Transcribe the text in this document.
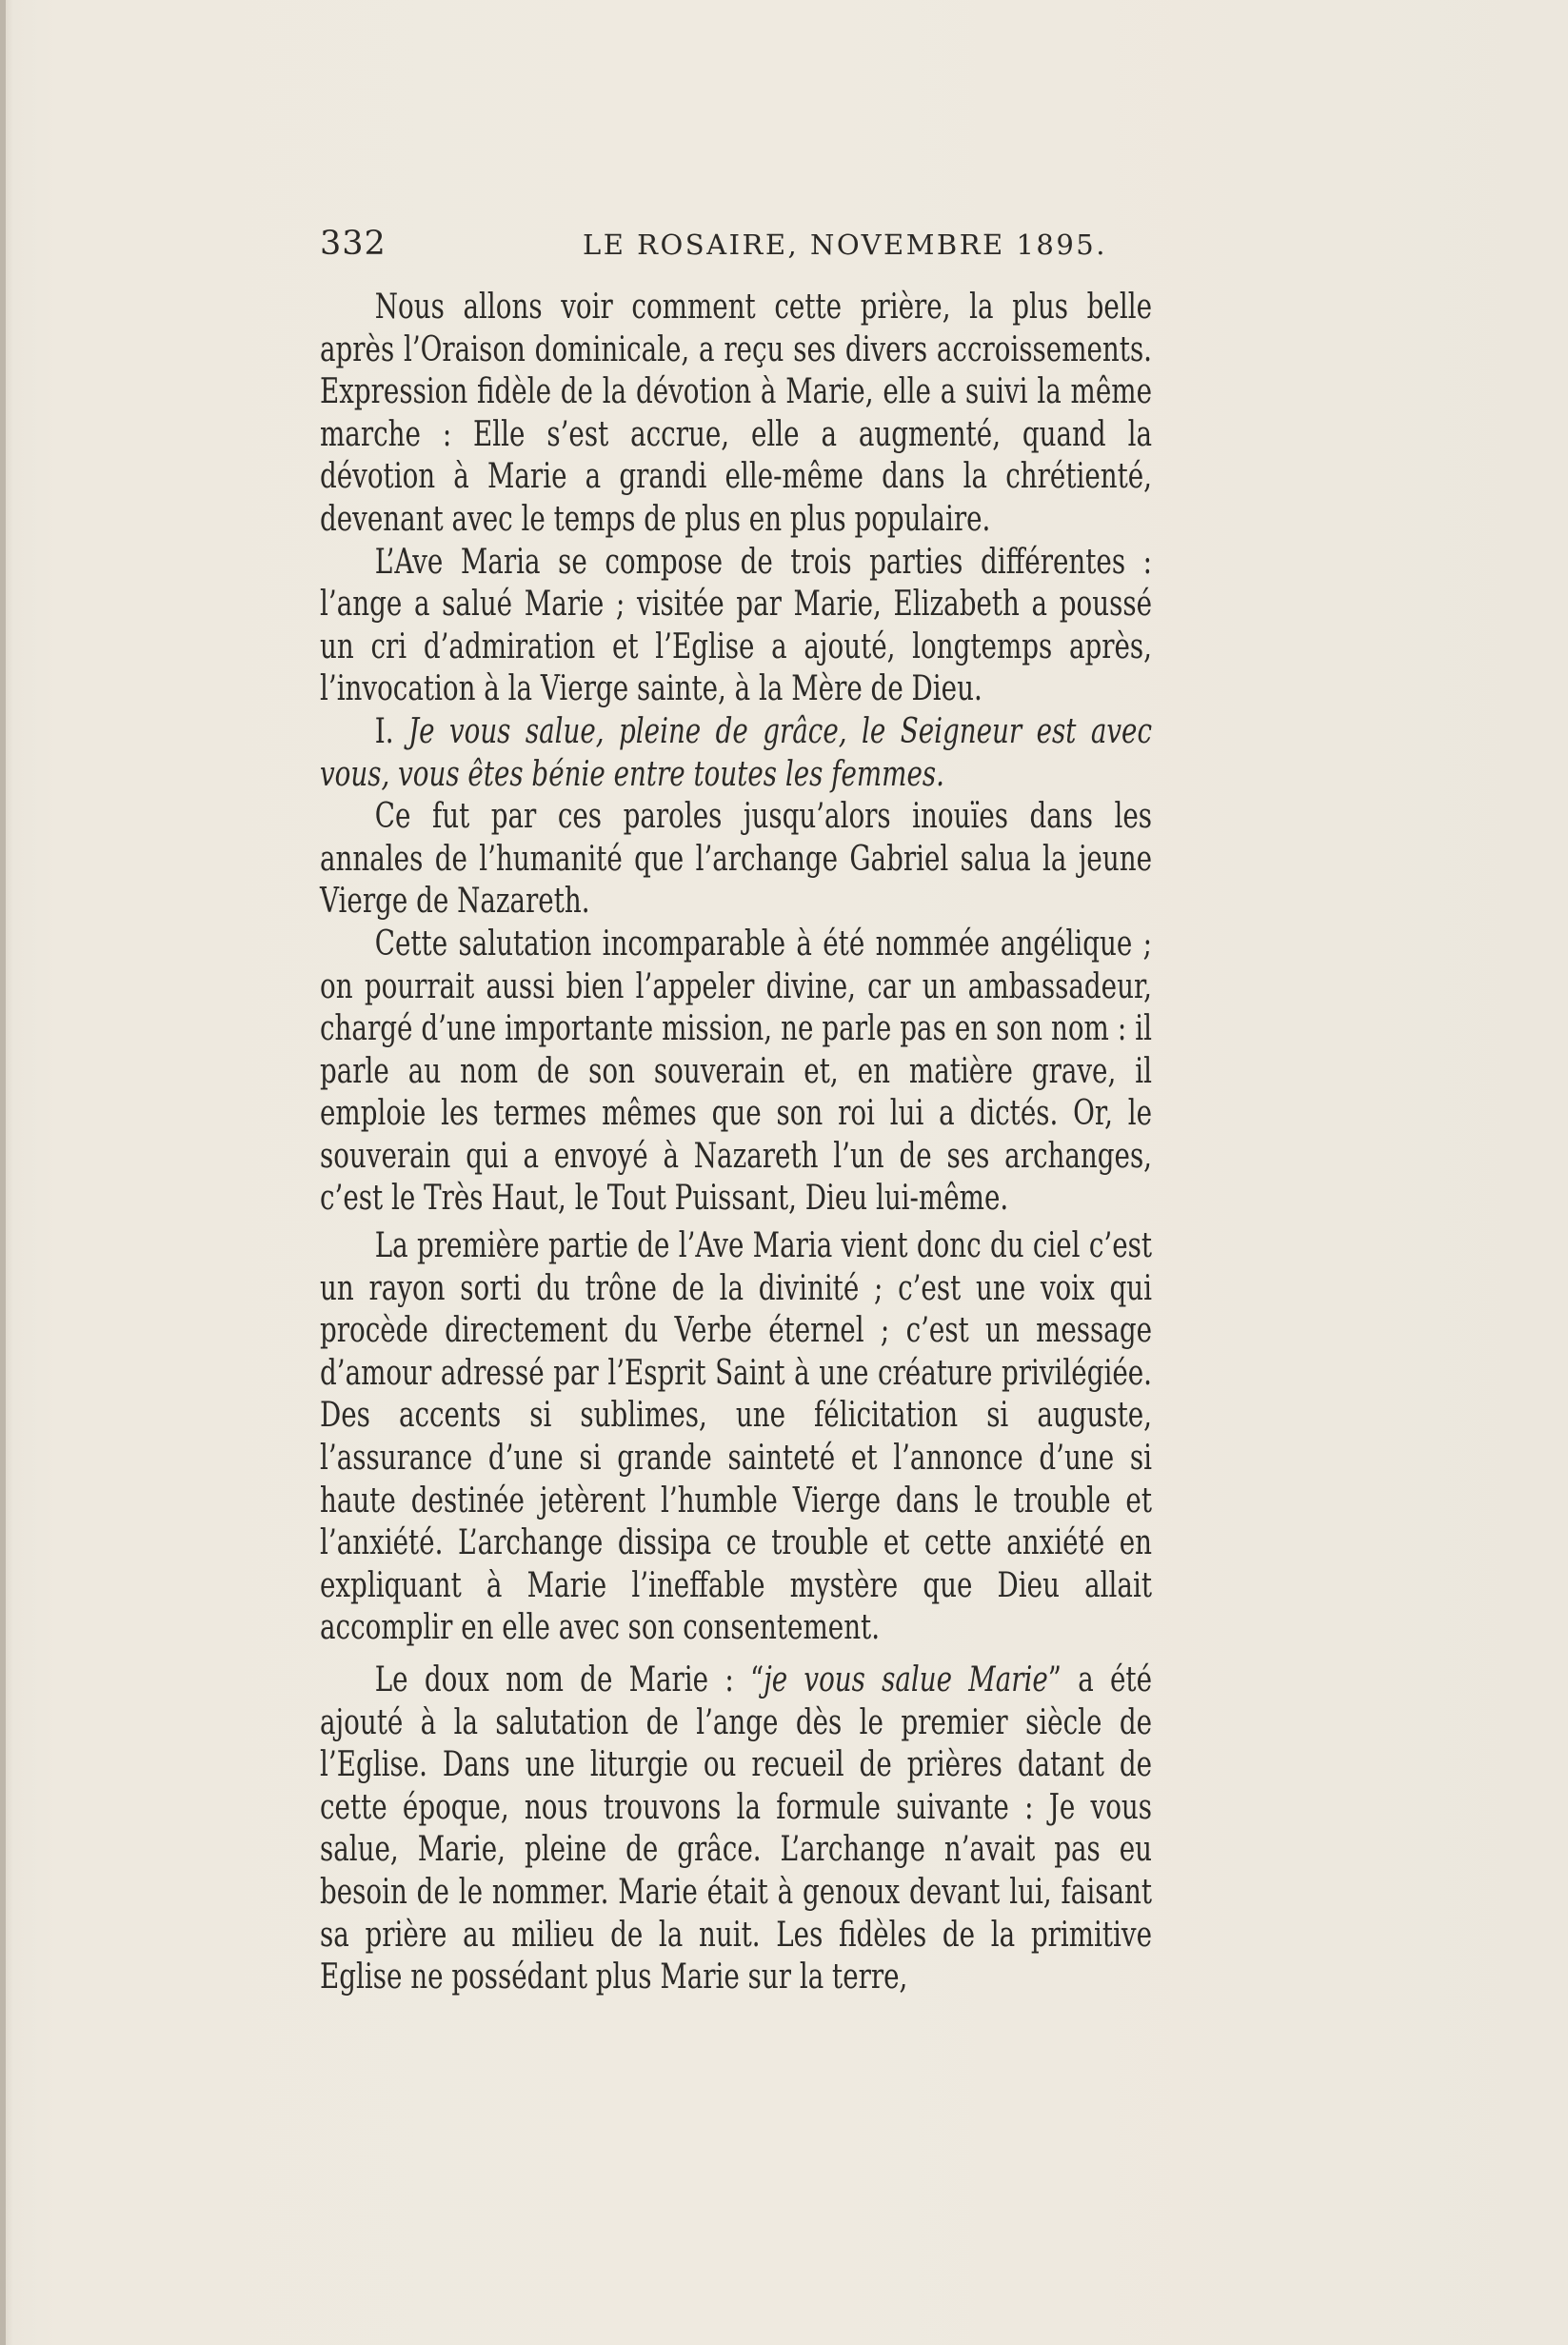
332	LE ROSAIRE, NOVEMBRE 1895.

Nous allons voir comment cette prière, la plus belle après l’Oraison dominicale, a reçu ses divers accroissements. Expression fidèle de la dévotion à Marie, elle a suivi la même marche : Elle s’est accrue, elle a augmenté, quand la dévotion à Marie a grandi elle-même dans la chrétienté, devenant avec le temps de plus en plus populaire.

L’Ave Maria se compose de trois parties différentes : l’ange a salué Marie ; visitée par Marie, Elizabeth a poussé un cri d’admiration et l’Eglise a ajouté, longtemps après, l’invocation à la Vierge sainte, à la Mère de Dieu.

I. Je vous salue, pleine de grâce, le Seigneur est avec vous, vous êtes bénie entre toutes les femmes.

Ce fut par ces paroles jusqu’alors inouïes dans les annales de l’humanité que l’archange Gabriel salua la jeune Vierge de Nazareth.

Cette salutation incomparable à été nommée angélique ; on pourrait aussi bien l’appeler divine, car un ambassadeur, chargé d’une importante mission, ne parle pas en son nom : il parle au nom de son souverain et, en matière grave, il emploie les termes mêmes que son roi lui a dictés. Or, le souverain qui a envoyé à Nazareth l’un de ses archanges, c’est le Très Haut, le Tout Puissant, Dieu lui-même.

La première partie de l’Ave Maria vient donc du ciel c’est un rayon sorti du trône de la divinité ; c’est une voix qui procède directement du Verbe éternel ; c’est un message d’amour adressé par l’Esprit Saint à une créature privilégiée. Des accents si sublimes, une félicitation si auguste, l’assurance d’une si grande sainteté et l’annonce d’une si haute destinée jetèrent l’humble Vierge dans le trouble et l’anxiété. L’archange dissipa ce trouble et cette anxiété en expliquant à Marie l’ineffable mystère que Dieu allait accomplir en elle avec son consentement.

Le doux nom de Marie : “je vous salue Marie” a été ajouté à la salutation de l’ange dès le premier siècle de l’Eglise. Dans une liturgie ou recueil de prières datant de cette époque, nous trouvons la formule suivante : Je vous salue, Marie, pleine de grâce. L’archange n’avait pas eu besoin de le nommer. Marie était à genoux devant lui, faisant sa prière au milieu de la nuit. Les fidèles de la primitive Eglise ne possédant plus Marie sur la terre,
